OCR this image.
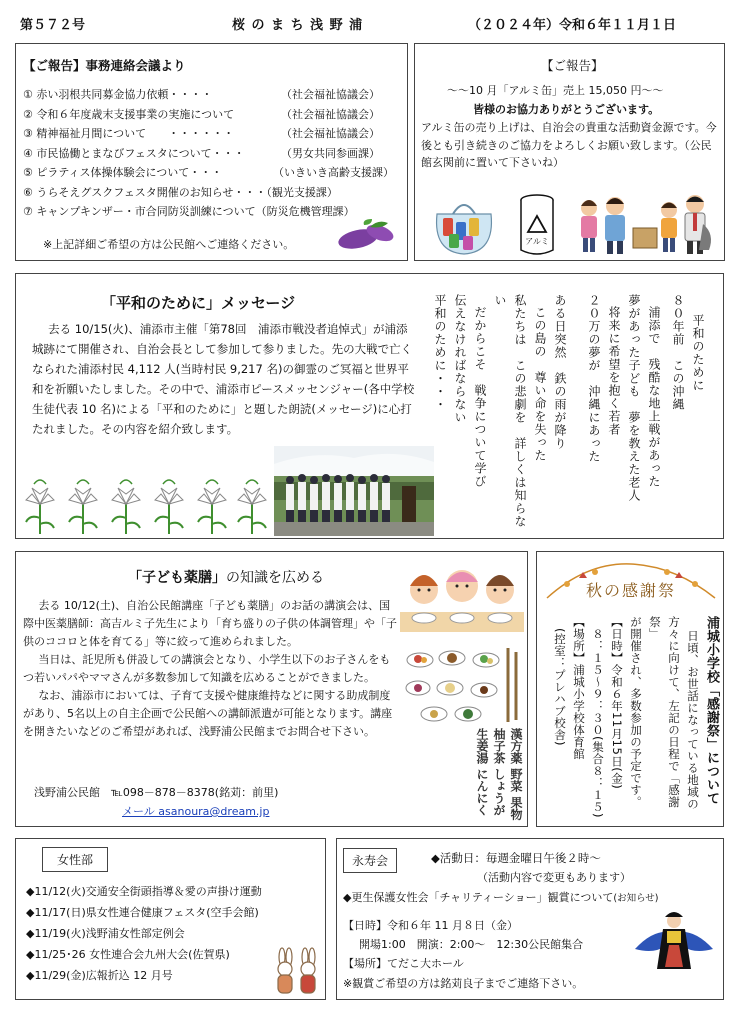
第５７２号	桜 の ま ち 浅 野 浦	（２０２４年）令和６年１１月１日
【ご報告】事務連絡会議より
① 赤い羽根共同募金協力依頼・・・・	（社会福祉協議会）
② 令和６年度歳末支援事業の実施について	（社会福祉協議会）
③ 精神福祉月間について　　・・・・・・	（社会福祉協議会）
④ 市民協働とまなびフェスタについて・・・	（男女共同参画課）
⑤ ピラティス体操体験会について・・・	（いきいき高齢支援課）
⑥ うらそえグスクフェスタ開催のお知らせ・・・（観光支援課）
⑦ キャンプキンザー・市合同防災訓練について（防災危機管理課）
※上記詳細ご希望の方は公民館へご連絡ください。
【ご報告】
～～10 月「アルミ缶」売上 15,050 円～～
皆様のお協力ありがとうございます。
アルミ缶の売り上げは、自治会の貴重な活動資金源です。今後とも引き続きのご協力をよろしくお願い致します。（公民館玄関前に置いて下さいね）
アルミ
「平和のために」メッセージ
去る 10/15(火)、浦添市主催「第78回　浦添市戦没者追悼式」が浦添城跡にて開催され、自治会長として参加して参りました。先の大戦で亡くなられた浦添村民 4,112 人(当時村民 9,217 名)の御霊のご冥福と世界平和を祈願いたしました。その中で、浦添市ピースメッセンジャー(各中学校生徒代表 10 名)による「平和のために」と題した朗読(メッセージ)に心打たれました。その内容を紹介致します。
平和のために
８０年前　この沖縄
浦添で　残酷な地上戦があった
夢があった子ども　夢を教えた老人
将来に希望を抱く若者
２０万の夢が　沖縄にあった
ある日突然　鉄の雨が降り
この島の　尊い命を失った
私たちは　この悲劇を　詳しくは知らない
だからこそ　戦争について学び
伝えなければならない
平和のために・・・
「子ども薬膳」の知識を広める

去る 10/12(土)、自治公民館講座「子ども薬膳」のお話の講演会は、国際中医薬膳師：高吉ルミ子先生により「育ち盛りの子供の体調管理」や「子供のココロと体を育てる」等に絞って進められました。

当日は、託児所も併設しての講演会となり、小学生以下のお子さんをもつ若いパパやママさんが多数参加して知識を広めることができました。

なお、浦添市においては、子育て支援や健康維持などに関する助成制度があり、5名以上の自主企画で公民館への講師派遣が可能となります。講座を開きたいなどのご希望があれば、浅野浦公民館までお問合せ下さい。

浅野浦公民館　℡098－878－8378(銘苅：前里)
メール asanoura@dream.jp
漢方薬 野菜 果物 柚子茶 しょうが 生姜湯 にんにく
秋の感謝祭
浦城小学校「感謝祭」について
日頃、お世話になっている地域の
方々に向けて、左記の日程で「感謝祭」
が開催され、多数参加の予定です。
【日時】令和６年11月15日(金)
　８：１５～９：３０(集合８：１５)
【場所】浦城小学校体育館
　(控室：プレハブ校舎)
女性部
◆11/12(火)交通安全街頭指導＆愛の声掛け運動
◆11/17(日)県女性連合健康フェスタ(空手会館)
◆11/19(火)浅野浦女性部定例会
◆11/25･26 女性連合会九州大会(佐賀県)
◆11/29(金)広報折込 12 月号
永寿会	◆活動日：毎週金曜日午後２時～
（活動内容で変更もあります）
◆更生保護女性会「チャリティーショー」観賞について(お知らせ)
【日時】令和６年 11 月８日（金）
開場1:00　開演：2:00～　12:30公民館集合
【場所】てだこ大ホール
※観賞ご希望の方は銘苅良子までご連絡下さい。
